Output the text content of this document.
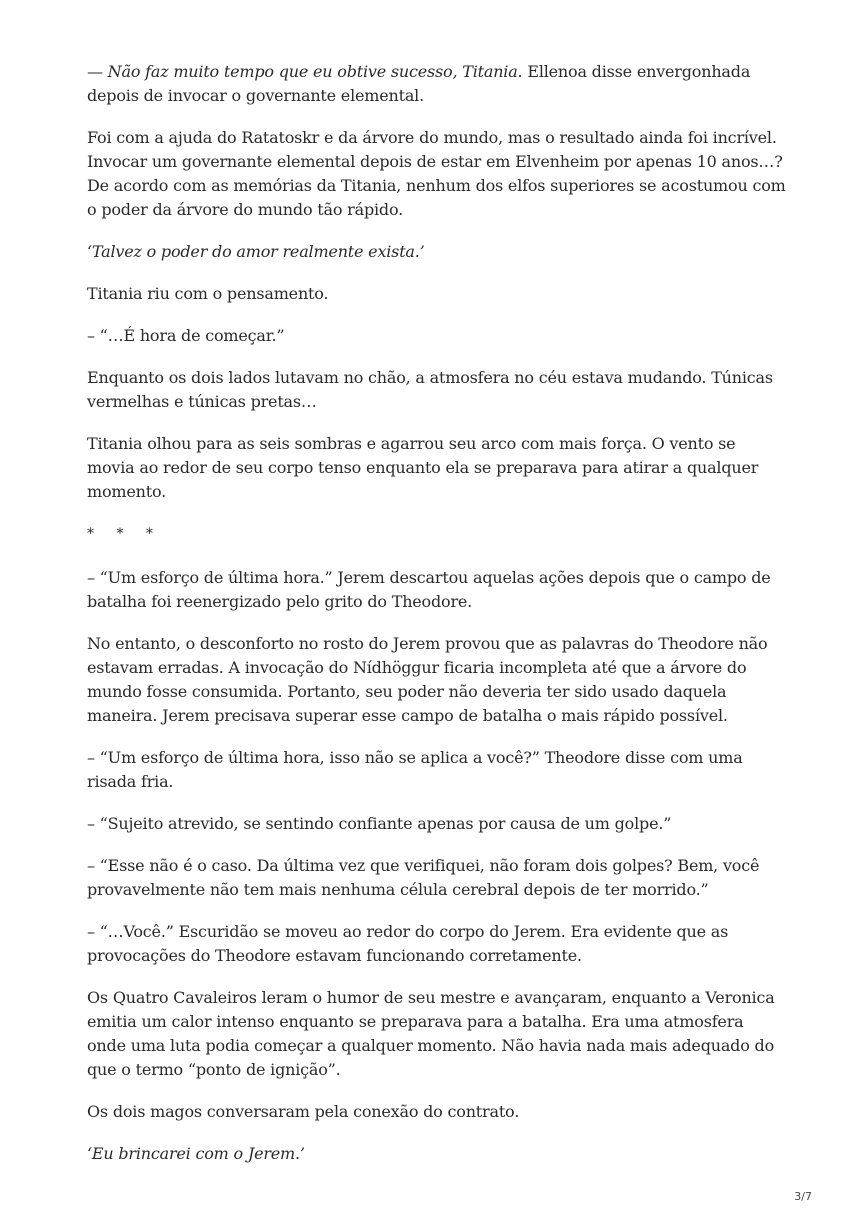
— Não faz muito tempo que eu obtive sucesso, Titania. Ellenoa disse envergonhada depois de invocar o governante elemental.

Foi com a ajuda do Ratatoskr e da árvore do mundo, mas o resultado ainda foi incrível. Invocar um governante elemental depois de estar em Elvenheim por apenas 10 anos…? De acordo com as memórias da Titania, nenhum dos elfos superiores se acostumou com o poder da árvore do mundo tão rápido.

‘Talvez o poder do amor realmente exista.’

Titania riu com o pensamento.

– “…É hora de começar.”

Enquanto os dois lados lutavam no chão, a atmosfera no céu estava mudando. Túnicas vermelhas e túnicas pretas…

Titania olhou para as seis sombras e agarrou seu arco com mais força. O vento se movia ao redor de seu corpo tenso enquanto ela se preparava para atirar a qualquer momento.

* * *

– “Um esforço de última hora.” Jerem descartou aquelas ações depois que o campo de batalha foi reenergizado pelo grito do Theodore.

No entanto, o desconforto no rosto do Jerem provou que as palavras do Theodore não estavam erradas. A invocação do Nídhöggur ficaria incompleta até que a árvore do mundo fosse consumida. Portanto, seu poder não deveria ter sido usado daquela maneira. Jerem precisava superar esse campo de batalha o mais rápido possível.

– “Um esforço de última hora, isso não se aplica a você?” Theodore disse com uma risada fria.

– “Sujeito atrevido, se sentindo confiante apenas por causa de um golpe.”

– “Esse não é o caso. Da última vez que verifiquei, não foram dois golpes? Bem, você provavelmente não tem mais nenhuma célula cerebral depois de ter morrido.”

– “…Você.” Escuridão se moveu ao redor do corpo do Jerem. Era evidente que as provocações do Theodore estavam funcionando corretamente.

Os Quatro Cavaleiros leram o humor de seu mestre e avançaram, enquanto a Veronica emitia um calor intenso enquanto se preparava para a batalha. Era uma atmosfera onde uma luta podia começar a qualquer momento. Não havia nada mais adequado do que o termo “ponto de ignição”.

Os dois magos conversaram pela conexão do contrato.

‘Eu brincarei com o Jerem.’

3/7
